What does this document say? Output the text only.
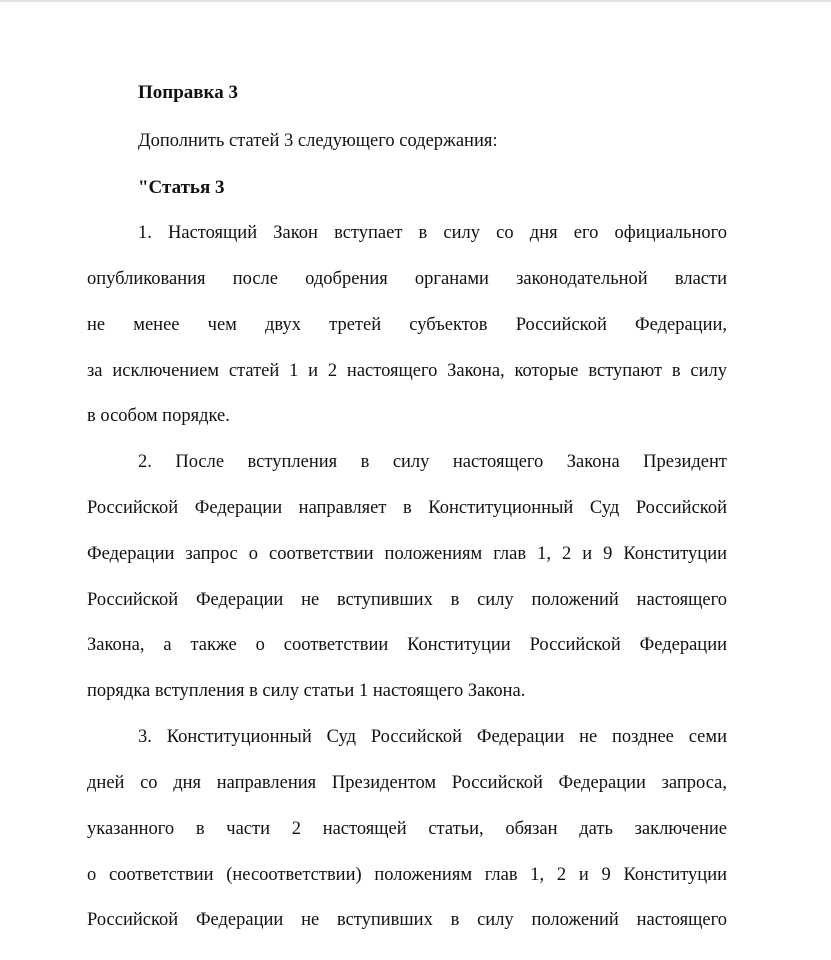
Поправка 3
Дополнить статей 3 следующего содержания:
"Статья 3
1. Настоящий Закон вступает в силу со дня его официального
опубликования после одобрения органами законодательной власти
не менее чем двух третей субъектов Российской Федерации,
за исключением статей 1 и 2 настоящего Закона, которые вступают в силу
в особом порядке.
2. После вступления в силу настоящего Закона Президент
Российской Федерации направляет в Конституционный Суд Российской
Федерации запрос о соответствии положениям глав 1, 2 и 9 Конституции
Российской Федерации не вступивших в силу положений настоящего
Закона, а также о соответствии Конституции Российской Федерации
порядка вступления в силу статьи 1 настоящего Закона.
3. Конституционный Суд Российской Федерации не позднее семи
дней со дня направления Президентом Российской Федерации запроса,
указанного в части 2 настоящей статьи, обязан дать заключение
о соответствии (несоответствии) положениям глав 1, 2 и 9 Конституции
Российской Федерации не вступивших в силу положений настоящего
